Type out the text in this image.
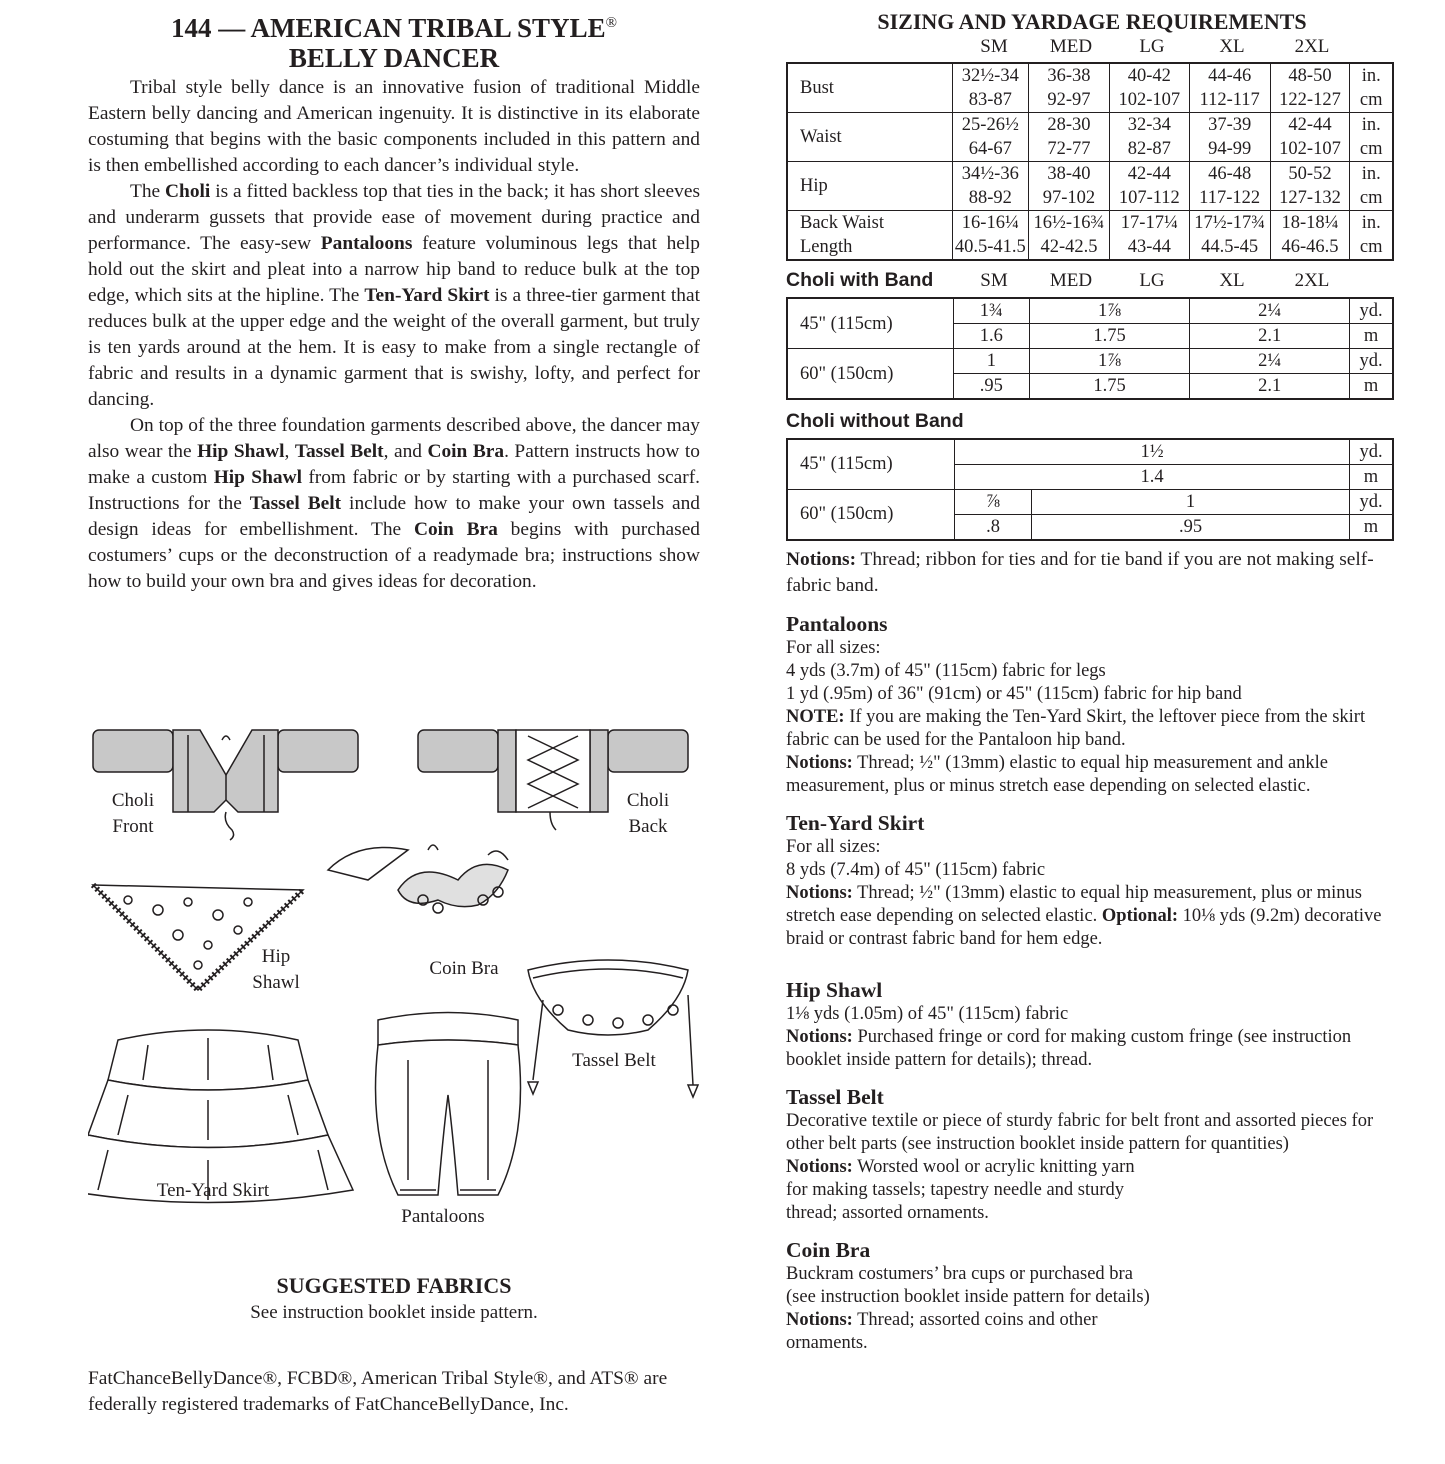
144 — AMERICAN TRIBAL STYLE®
BELLY DANCER

Tribal style belly dance is an innovative fusion of traditional Middle Eastern belly dancing and American ingenuity. It is distinctive in its elaborate costuming that begins with the basic components included in this pattern and is then embellished according to each dancer’s individual style.

The Choli is a fitted backless top that ties in the back; it has short sleeves and underarm gussets that provide ease of movement during practice and performance. The easy-sew Pantaloons feature voluminous legs that help hold out the skirt and pleat into a narrow hip band to reduce bulk at the top edge, which sits at the hipline. The Ten-Yard Skirt is a three-tier garment that reduces bulk at the upper edge and the weight of the overall garment, but truly is ten yards around at the hem. It is easy to make from a single rectangle of fabric and results in a dynamic garment that is swishy, lofty, and perfect for dancing.

On top of the three foundation garments described above, the dancer may also wear the Hip Shawl, Tassel Belt, and Coin Bra. Pattern instructs how to make a custom Hip Shawl from fabric or by starting with a purchased scarf. Instructions for the Tassel Belt include how to make your own tassels and design ideas for embellishment. The Coin Bra begins with purchased costumers’ cups or the deconstruction of a readymade bra; instructions show how to build your own bra and gives ideas for decoration.

Choli
Front
Choli
Back
Hip
Shawl
Coin Bra
Tassel Belt
Ten-Yard Skirt
Pantaloons
SUGGESTED FABRICS
See instruction booklet inside pattern.
FatChanceBellyDance®, FCBD®, American Tribal Style®, and ATS® are federally registered trademarks of FatChanceBellyDance, Inc.
SIZING AND YARDAGE REQUIREMENTS
SM	MED	LG	XL	2XL
Bust	32½-34	36-38	40-42	44-46	48-50	in.
	83-87	92-97	102-107	112-117	122-127	cm
Waist	25-26½	28-30	32-34	37-39	42-44	in.
	64-67	72-77	82-87	94-99	102-107	cm
Hip	34½-36	38-40	42-44	46-48	50-52	in.
	88-92	97-102	107-112	117-122	127-132	cm
Back Waist
Length	16-16¼	16½-16¾	17-17¼	17½-17¾	18-18¼	in.
	40.5-41.5	42-42.5	43-44	44.5-45	46-46.5	cm
Choli with Band	SM	MED	LG	XL	2XL
45" (115cm)	1¾	1⅞		2¼		yd.
	1.6	1.75		2.1		m
60" (150cm)	1	1⅞		2¼		yd.
	.95	1.75		2.1		m

Choli without Band
45" (115cm)	1½		yd.
	1.4		m
60" (150cm)	⅞	1	yd.
	.8	.95	m
Notions: Thread; ribbon for ties and for tie band if you are not making self-fabric band.
Pantaloons
For all sizes:
4 yds (3.7m) of 45" (115cm) fabric for legs
1 yd (.95m) of 36" (91cm) or 45" (115cm) fabric for hip band
NOTE: If you are making the Ten-Yard Skirt, the leftover piece from the skirt fabric can be used for the Pantaloon hip band.
Notions: Thread; ½" (13mm) elastic to equal hip measurement and ankle measurement, plus or minus stretch ease depending on selected elastic.
Ten-Yard Skirt
For all sizes:
8 yds (7.4m) of 45" (115cm) fabric
Notions: Thread; ½" (13mm) elastic to equal hip measurement, plus or minus stretch ease depending on selected elastic. Optional: 10⅛ yds (9.2m) decorative braid or contrast fabric band for hem edge.
Hip Shawl
1⅛ yds (1.05m) of 45" (115cm) fabric
Notions: Purchased fringe or cord for making custom fringe (see instruction booklet inside pattern for details); thread.
Tassel Belt
Decorative textile or piece of sturdy fabric for belt front and assorted pieces for other belt parts (see instruction booklet inside pattern for quantities)
Notions: Worsted wool or acrylic knitting yarn
for making tassels; tapestry needle and sturdy
thread; assorted ornaments.
Coin Bra
Buckram costumers’ bra cups or purchased bra
(see instruction booklet inside pattern for details)
Notions: Thread; assorted coins and other
ornaments.
